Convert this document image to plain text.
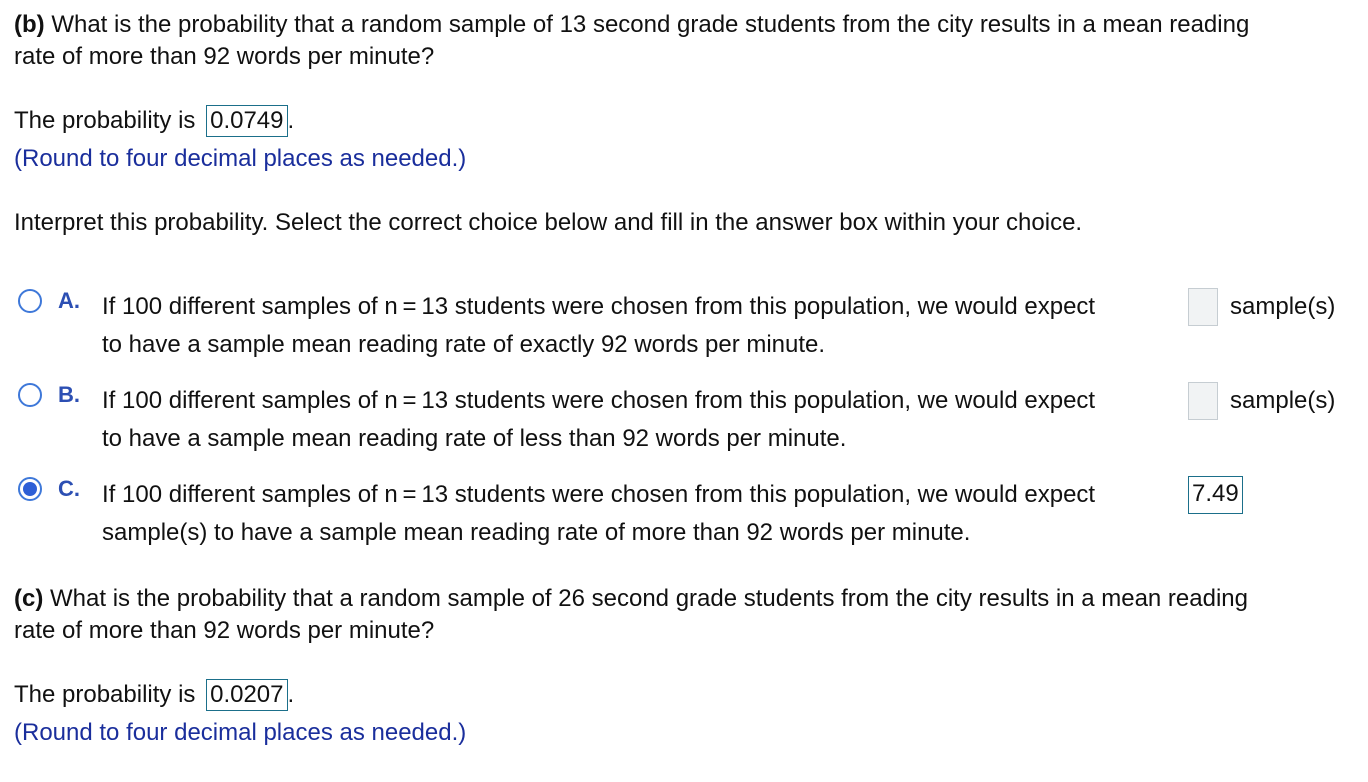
(b) What is the probability that a random sample of 13 second grade students from the city results in a mean reading
rate of more than 92 words per minute?
The probability is 0.0749 .
(Round to four decimal places as needed.)
Interpret this probability. Select the correct choice below and fill in the answer box within your choice.
A. If 100 different samples of n = 13 students were chosen from this population, we would expect	sample(s)
to have a sample mean reading rate of exactly 92 words per minute.
B. If 100 different samples of n = 13 students were chosen from this population, we would expect	sample(s)
to have a sample mean reading rate of less than 92 words per minute.
C. If 100 different samples of n = 13 students were chosen from this population, we would expect	7.49
sample(s) to have a sample mean reading rate of more than 92 words per minute.
(c) What is the probability that a random sample of 26 second grade students from the city results in a mean reading
rate of more than 92 words per minute?
The probability is 0.0207 .
(Round to four decimal places as needed.)
